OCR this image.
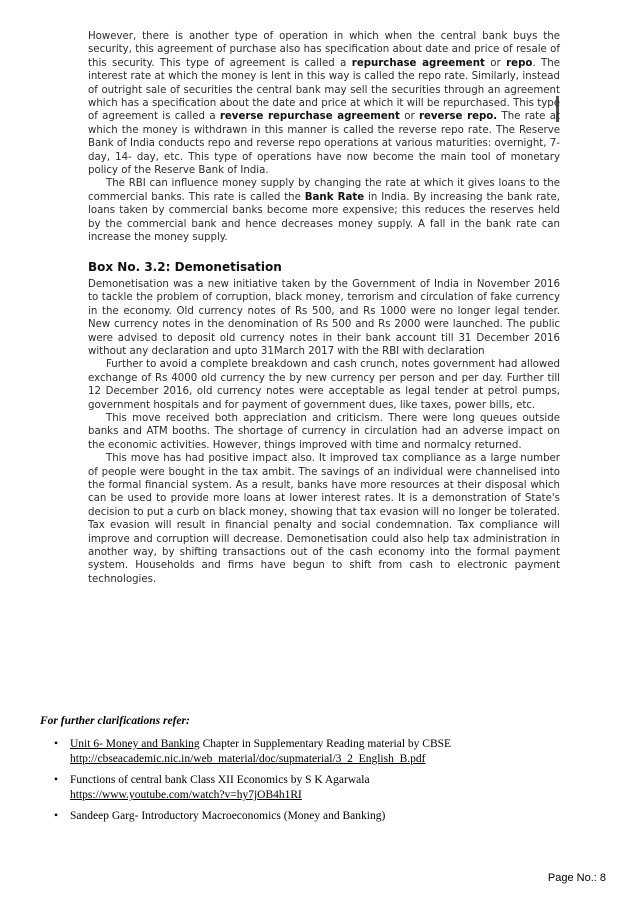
However, there is another type of operation in which when the central bank buys the security, this agreement of purchase also has specification about date and price of resale of this security. This type of agreement is called a repurchase agreement or repo. The interest rate at which the money is lent in this way is called the repo rate. Similarly, instead of outright sale of securities the central bank may sell the securities through an agreement which has a specification about the date and price at which it will be repurchased. This type of agreement is called a reverse repurchase agreement or reverse repo. The rate at which the money is withdrawn in this manner is called the reverse repo rate. The Reserve Bank of India conducts repo and reverse repo operations at various maturities: overnight, 7-day, 14- day, etc. This type of operations have now become the main tool of monetary policy of the Reserve Bank of India.

The RBI can influence money supply by changing the rate at which it gives loans to the commercial banks. This rate is called the Bank Rate in India. By increasing the bank rate, loans taken by commercial banks become more expensive; this reduces the reserves held by the commercial bank and hence decreases money supply. A fall in the bank rate can increase the money supply.

Box No. 3.2: Demonetisation

Demonetisation was a new initiative taken by the Government of India in November 2016 to tackle the problem of corruption, black money, terrorism and circulation of fake currency in the economy. Old currency notes of Rs 500, and Rs 1000 were no longer legal tender. New currency notes in the denomination of Rs 500 and Rs 2000 were launched. The public were advised to deposit old currency notes in their bank account till 31 December 2016 without any declaration and upto 31March 2017 with the RBI with declaration

Further to avoid a complete breakdown and cash crunch, notes government had allowed exchange of Rs 4000 old currency the by new currency per person and per day. Further till 12 December 2016, old currency notes were acceptable as legal tender at petrol pumps, government hospitals and for payment of government dues, like taxes, power bills, etc.

This move received both appreciation and criticism. There were long queues outside banks and ATM booths. The shortage of currency in circulation had an adverse impact on the economic activities. However, things improved with time and normalcy returned.

This move has had positive impact also. It improved tax compliance as a large number of people were bought in the tax ambit. The savings of an individual were channelised into the formal financial system. As a result, banks have more resources at their disposal which can be used to provide more loans at lower interest rates. It is a demonstration of State's decision to put a curb on black money, showing that tax evasion will no longer be tolerated. Tax evasion will result in financial penalty and social condemnation. Tax compliance will improve and corruption will decrease. Demonetisation could also help tax administration in another way, by shifting transactions out of the cash economy into the formal payment system. Households and firms have begun to shift from cash to electronic payment technologies.

For further clarifications refer:
• Unit 6- Money and Banking Chapter in Supplementary Reading material by CBSE
http://cbseacademic.nic.in/web_material/doc/supmaterial/3_2_English_B.pdf
• Functions of central bank Class XII Economics by S K Agarwala
https://www.youtube.com/watch?v=hy7jOB4h1RI
• Sandeep Garg- Introductory Macroeconomics (Money and Banking)
Page No.: 8
